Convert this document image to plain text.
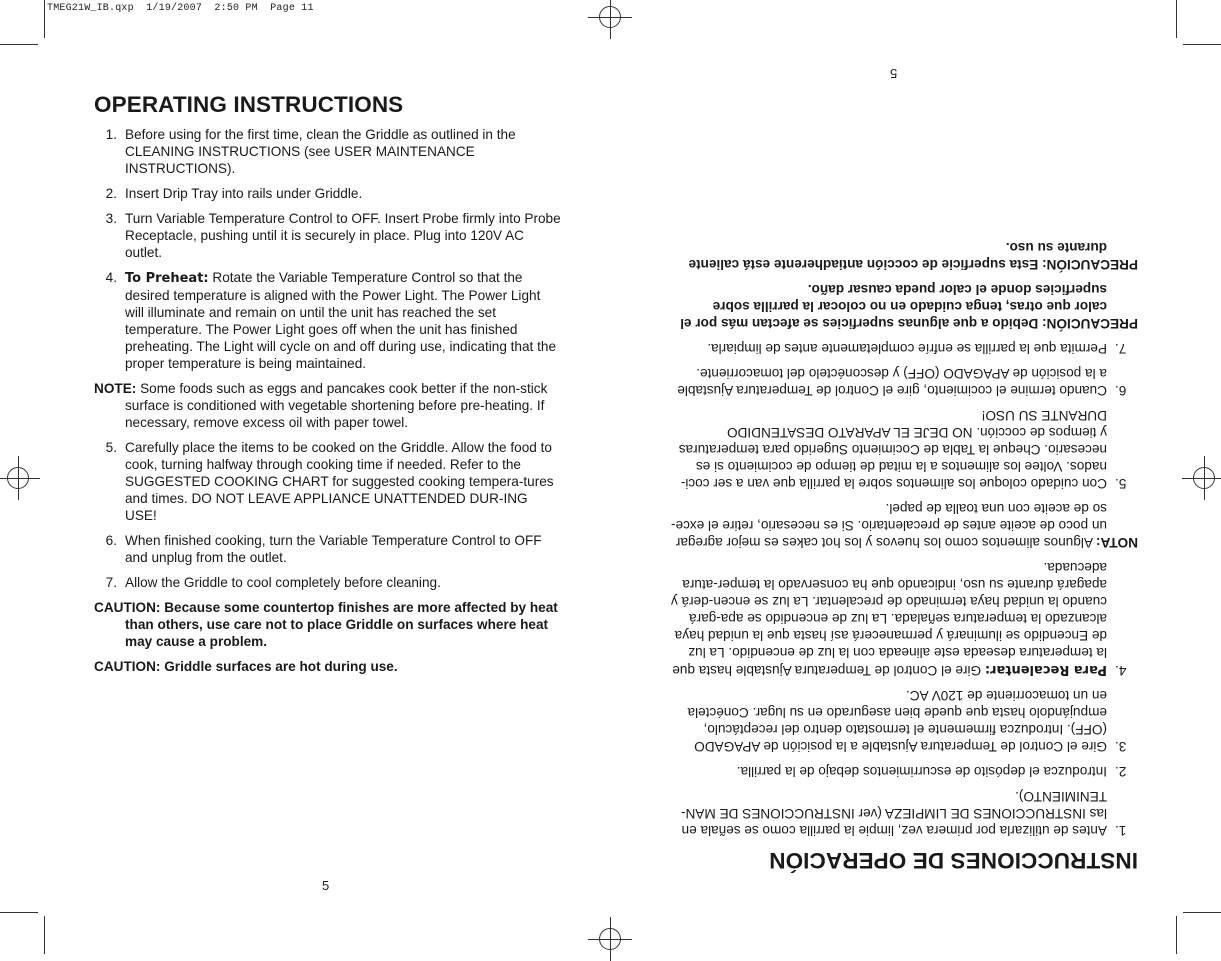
TMEG21W_IB.qxp  1/19/2007  2:50 PM  Page 11
OPERATING INSTRUCTIONS
1. Before using for the first time, clean the Griddle as outlined in the CLEANING INSTRUCTIONS (see USER MAINTENANCE INSTRUCTIONS).
2. Insert Drip Tray into rails under Griddle.
3. Turn Variable Temperature Control to OFF. Insert Probe firmly into Probe Receptacle, pushing until it is securely in place. Plug into 120V AC outlet.
4. To Preheat: Rotate the Variable Temperature Control so that the desired temperature is aligned with the Power Light. The Power Light will illuminate and remain on until the unit has reached the set temperature. The Power Light goes off when the unit has finished preheating. The Light will cycle on and off during use, indicating that the proper temperature is being maintained.
NOTE: Some foods such as eggs and pancakes cook better if the non-stick surface is conditioned with vegetable shortening before pre-heating. If necessary, remove excess oil with paper towel.
5. Carefully place the items to be cooked on the Griddle. Allow the food to cook, turning halfway through cooking time if needed. Refer to the SUGGESTED COOKING CHART for suggested cooking tempera-tures and times. DO NOT LEAVE APPLIANCE UNATTENDED DUR-ING USE!
6. When finished cooking, turn the Variable Temperature Control to OFF and unplug from the outlet.
7. Allow the Griddle to cool completely before cleaning.
CAUTION: Because some countertop finishes are more affected by heat than others, use care not to place Griddle on surfaces where heat may cause a problem.
CAUTION: Griddle surfaces are hot during use.
5
INSTRUCCIONES DE OPERACIÓN
1.
Antes de utilizarla por primera vez, limpie la parrilla como se señala en las INSTRUCCIONES DE LIMPIEZA (ver INSTRUCCIONES DE MAN-TENIMIENTO).
2.
Introduzca el depósito de escurrimientos debajo de la parrilla.
3.
Gire el Control de Temperatura Ajustable a la posición de APAGADO (OFF). Introduzca firmemente el termostato dentro del receptáculo, empujándolo hasta que quede bien asegurado en su lugar. Conéctela en un tomacorriente de 120V AC.
4.
Para Recalentar: Gire el Control de Temperatura Ajustable hasta que la temperatura deseada este alineada con la luz de encendido. La luz de Encendido se iluminará y permanecerá así hasta que la unidad haya alcanzado la temperatura señalada. La luz de encendido se apa-gará cuando la unidad haya terminado de precalentar. La luz se encen-derá y apagará durante su uso, indicando que ha conservado la temper-atura adecuada.
NOTA: Algunos alimentos como los huevos y los hot cakes es mejor agregar un poco de aceite antes de precalentario. Si es necesario, retire el exce-so de aceite con una toalla de papel.
5.
Con cuidado coloque los alimentos sobre la parrilla que van a ser coci-nados. Voltee los alimentos a la mitad de tiempo de cocimiento si es necesario. Cheque la Tabla de Cocimiento Sugerido para temperaturas y tiempos de cocción. NO DEJE EL APARATO DESATENDIDO DURANTE SU USO!
6.
Cuando termine el cocimiento, gire el Control de Temperatura Ajustable a la posición de APAGADO (OFF) y desconéctelo del tomacorriente.
7.
Permita que la parrilla se enfríe completamente antes de limpiarla.
PRECAUCIÓN: Debido a que algunas superficies se afectan más por el calor que otras, tenga cuidado en no colocar la parrilla sobre superficies donde el calor pueda causar daño.
PRECAUCIÓN: Esta superficie de cocción antiadherente está caliente durante su uso.
5
